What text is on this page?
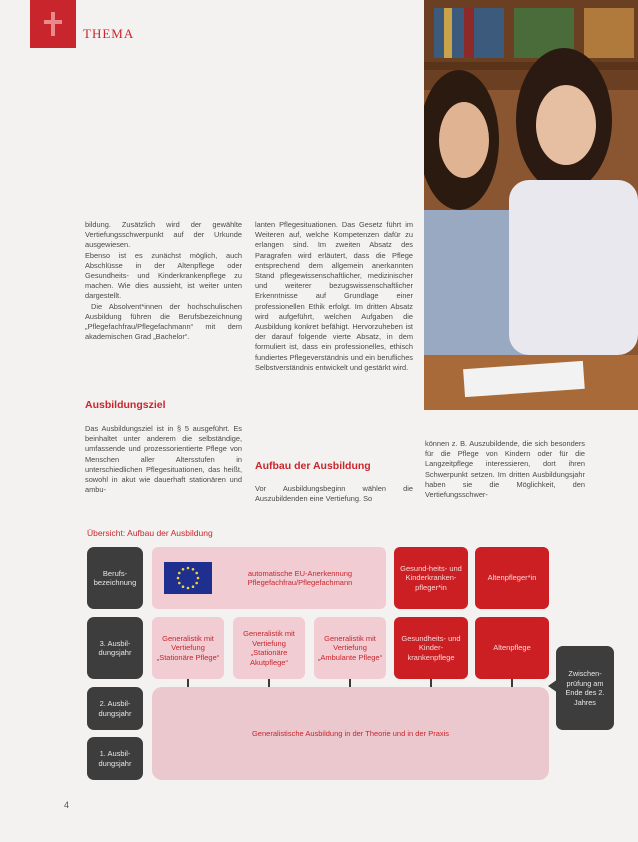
THEMA

bildung. Zusätzlich wird der gewählte Vertiefungsschwerpunkt auf der Urkunde ausgewiesen.

Ebenso ist es zunächst möglich, auch Abschlüsse in der Altenpflege oder Gesundheits- und Kinderkrankenpflege zu machen. Wie dies aussieht, ist weiter unten dargestellt.

Die Absolvent*innen der hochschulischen Ausbildung führen die Berufsbezeichnung „Pflegefachfrau/Pflegefachmann“ mit dem akademischen Grad „Bachelor“.

Ausbildungsziel

Das Ausbildungsziel ist in § 5 ausgeführt. Es beinhaltet unter anderem die selbständige, umfassende und prozessorientierte Pflege von Menschen aller Altersstufen in unterschiedlichen Pflegesituationen, das heißt, sowohl in akut wie dauerhaft stationären und ambu-

lanten Pflegesituationen. Das Gesetz führt im Weiteren auf, welche Kompetenzen dafür zu erlangen sind. Im zweiten Absatz des Paragrafen wird erläutert, dass die Pflege entsprechend dem allgemein anerkannten Stand pflegewissenschaftlicher, medizinischer und weiterer bezugswissenschaftlicher Erkenntnisse auf Grundlage einer professionellen Ethik erfolgt. Im dritten Absatz wird aufgeführt, welchen Aufgaben die Ausbildung konkret befähigt. Hervorzuheben ist der darauf folgende vierte Absatz, in dem formuliert ist, dass ein professionelles, ethisch fundiertes Pflegeverständnis und ein berufliches Selbstverständnis entwickelt und gestärkt wird.

Aufbau der Ausbildung

Vor Ausbildungsbeginn wählen die Auszubildenden eine Vertiefung. So

können z. B. Auszubildende, die sich besonders für die Pflege von Kindern oder für die Langzeitpflege interessieren, dort ihren Schwerpunkt setzen. Im dritten Ausbildungsjahr haben sie die Möglichkeit, den Vertiefungsschwer-

Übersicht: Aufbau der Ausbildung
Berufs-bezeichnung
3. Ausbil-dungsjahr
2. Ausbil-dungsjahr
1. Ausbil-dungsjahr
automatische EU-Anerkennung Pflegefachfrau/Pflegefachmann
Gesund-heits- und Kinderkranken-pfleger*in
Altenpfleger*in
Generalistik mit Vertiefung „Stationäre Pflege“
Generalistik mit Vertiefung „Stationäre Akutpflege“
Generalistik mit Vertiefung „Ambulante Pflege“
Gesundheits- und Kinder-krankenpflege
Altenpflege
Generalistische Ausbildung in der Theorie und in der Praxis
Zwischen-prüfung am Ende des 2. Jahres
4
